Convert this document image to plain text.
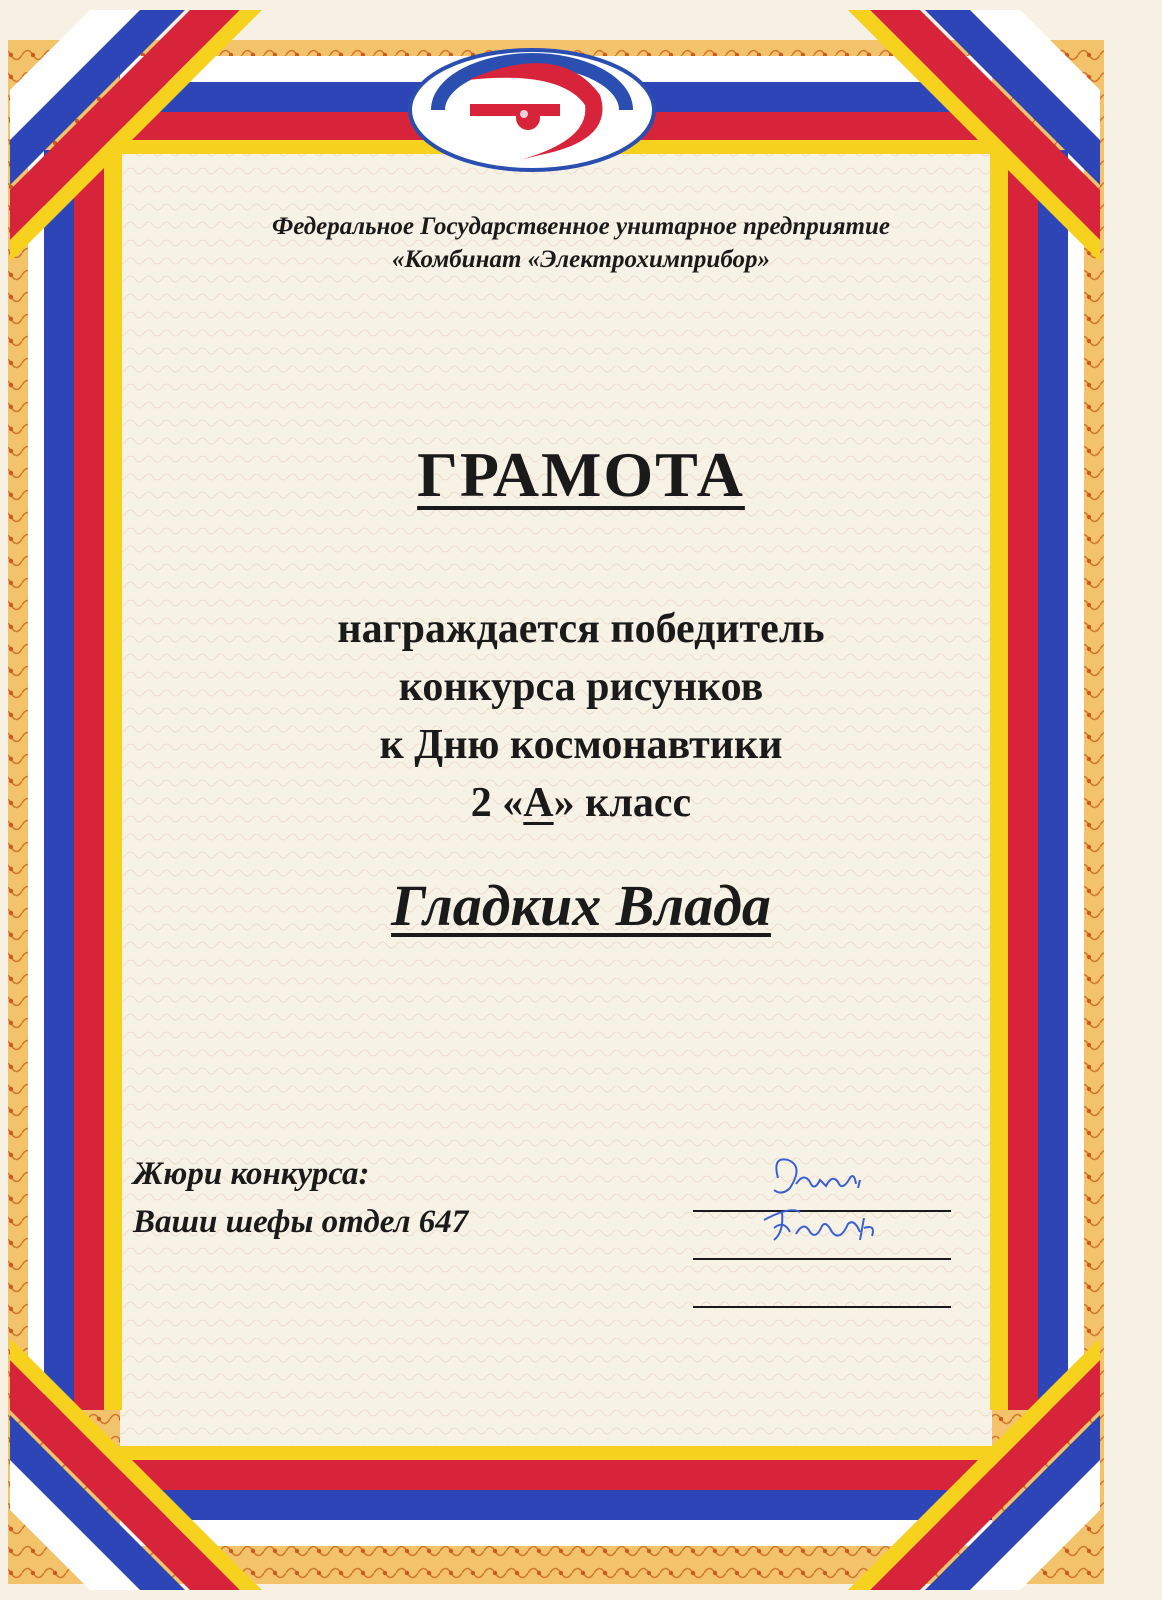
Федеральное Государственное унитарное предприятие
«Комбинат «Электрохимприбор»
ГРАМОТА
награждается победитель
конкурса рисунков
к Дню космонавтики
2 «А» класс
Гладких Влада
Жюри конкурса:
Ваши шефы отдел 647
